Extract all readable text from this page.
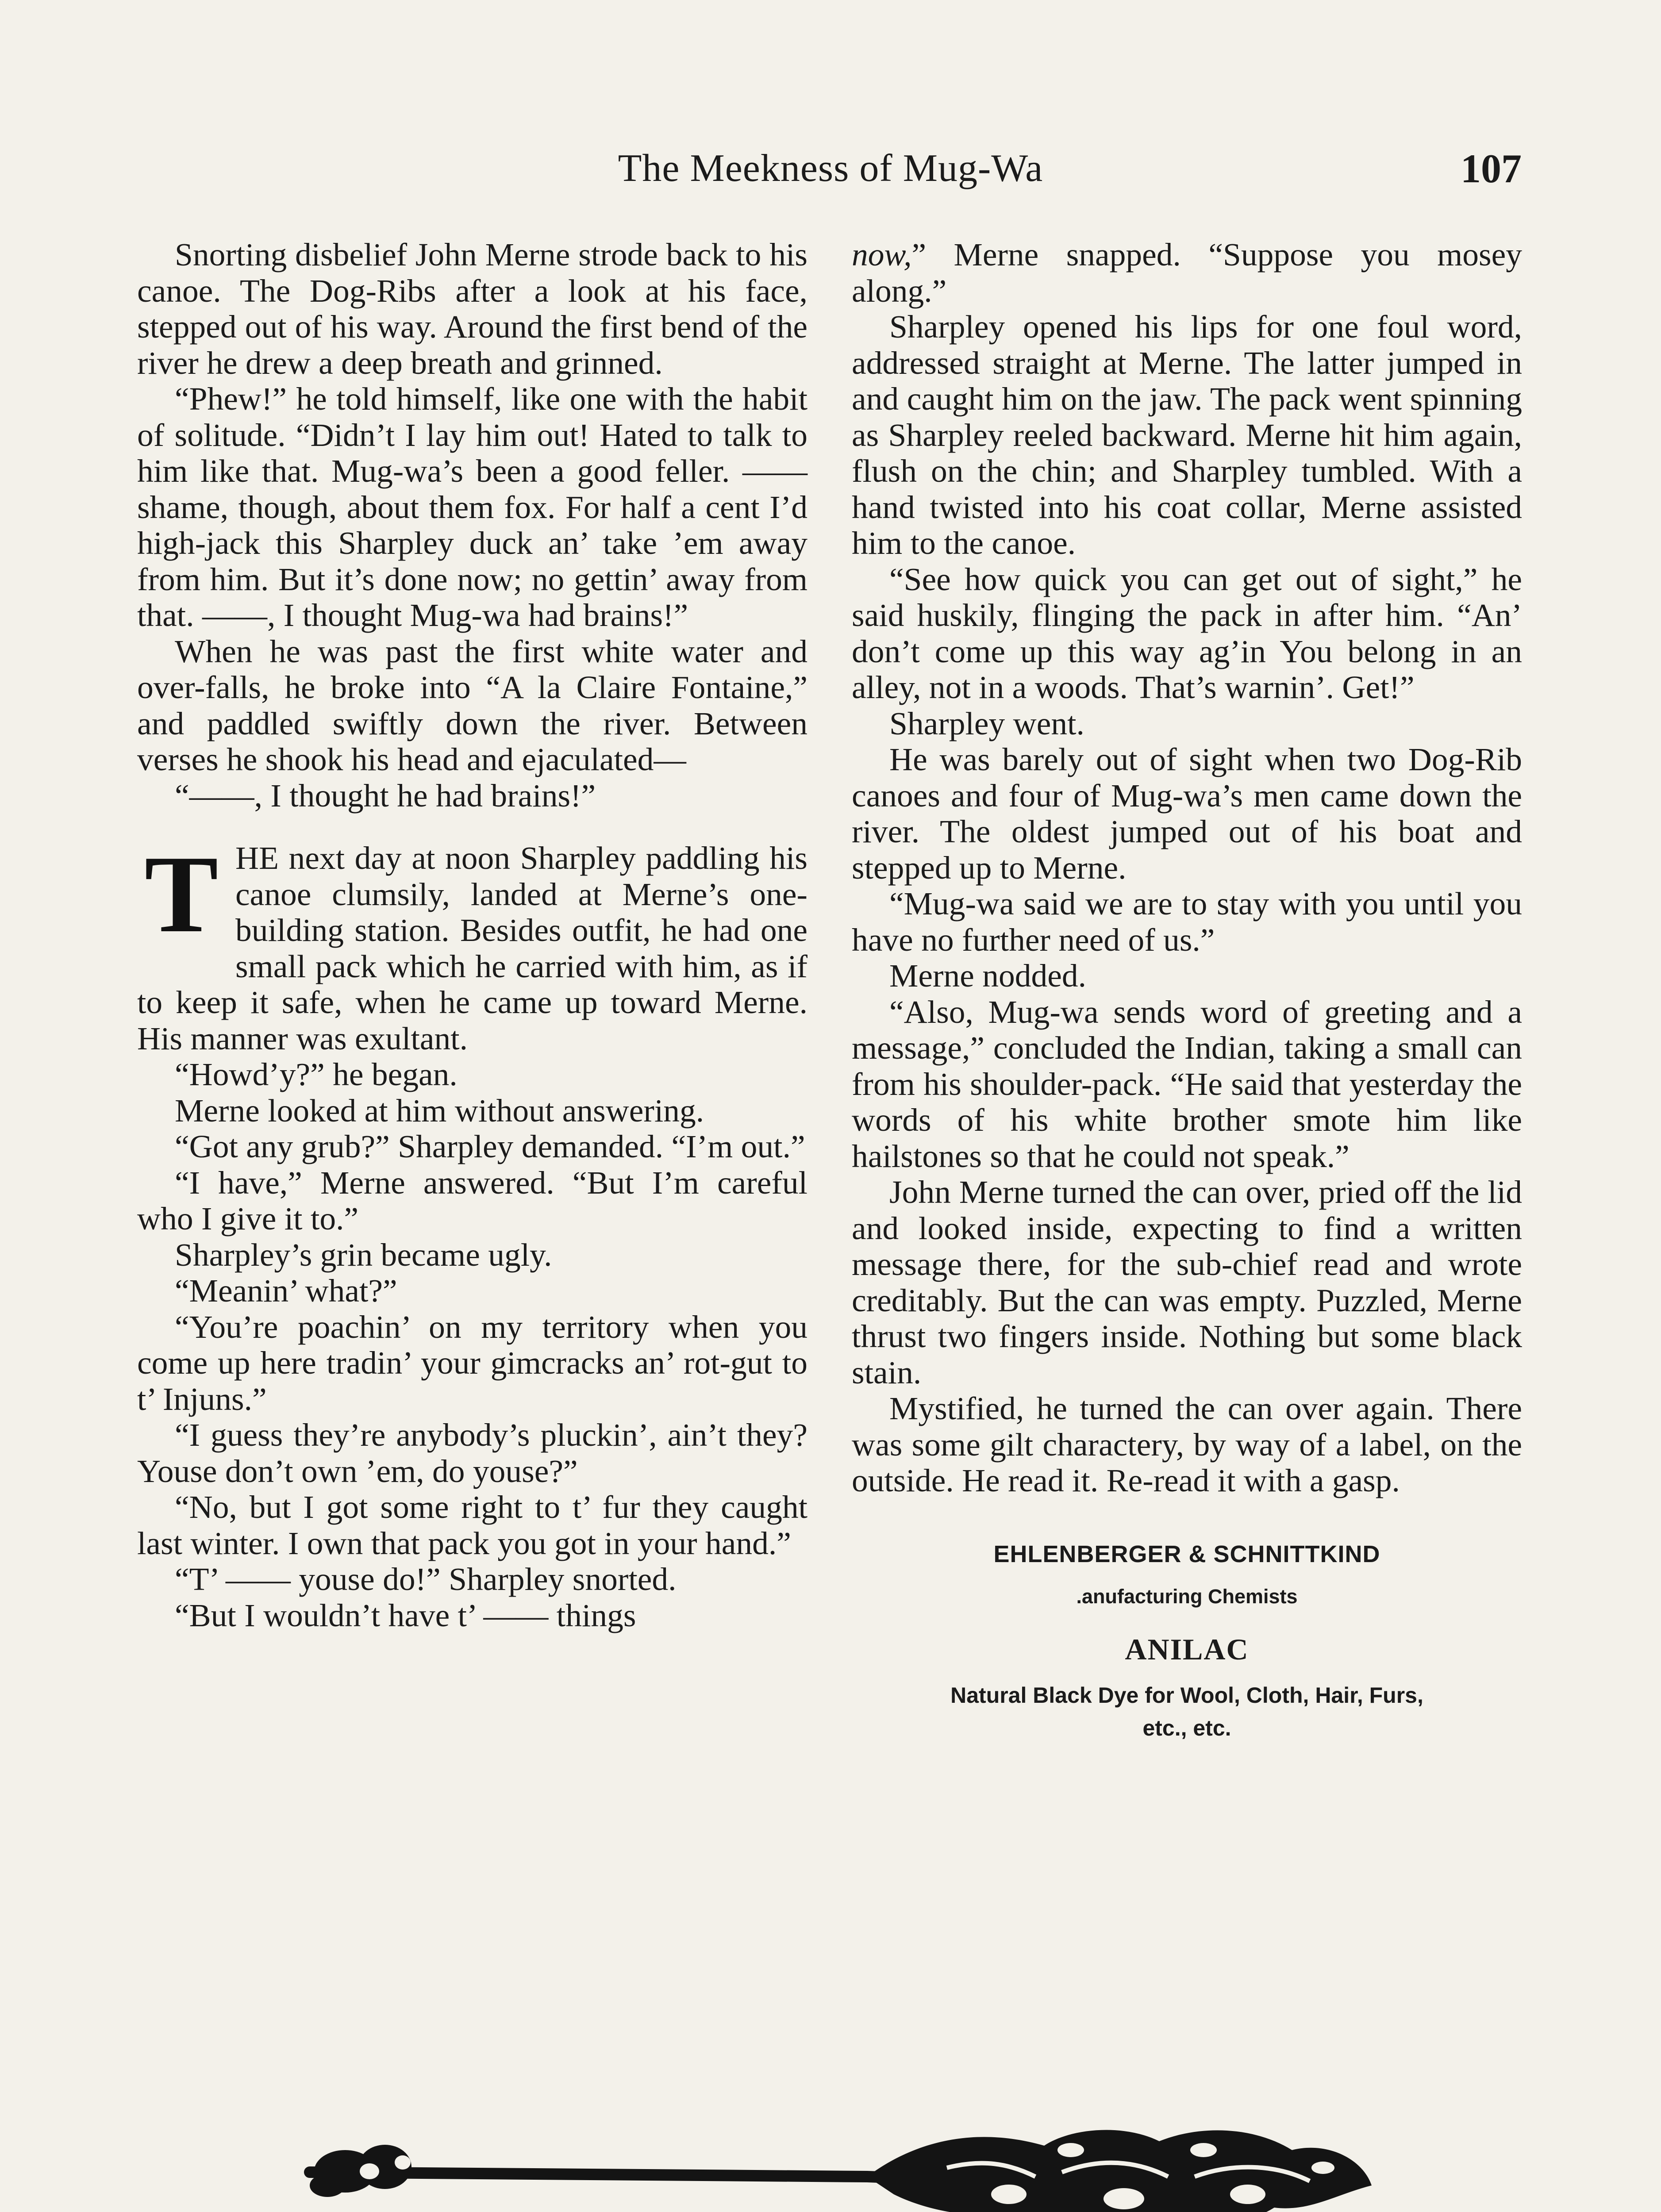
The Meekness of Mug-Wa	107

Snorting disbelief John Merne strode back to his canoe. The Dog-Ribs after a look at his face, stepped out of his way. Around the first bend of the river he drew a deep breath and grinned.

“Phew!” he told himself, like one with the habit of solitude. “Didn’t I lay him out! Hated to talk to him like that. Mug-wa’s been a good feller. —— shame, though, about them fox. For half a cent I’d high-jack this Sharpley duck an’ take ’em away from him. But it’s done now; no gettin’ away from that. ——, I thought Mug-wa had brains!”

When he was past the first white water and over-falls, he broke into “A la Claire Fontaine,” and paddled swiftly down the river. Between verses he shook his head and ejaculated—

“——, I thought he had brains!”

THE next day at noon Sharpley paddling his canoe clumsily, landed at Merne’s one-building station. Besides outfit, he had one small pack which he carried with him, as if to keep it safe, when he came up toward Merne. His manner was exultant.

“Howd’y?” he began.

Merne looked at him without answering.

“Got any grub?” Sharpley demanded. “I’m out.”

“I have,” Merne answered. “But I’m careful who I give it to.”

Sharpley’s grin became ugly.

“Meanin’ what?”

“You’re poachin’ on my territory when you come up here tradin’ your gimcracks an’ rot-gut to t’ Injuns.”

“I guess they’re anybody’s pluckin’, ain’t they? Youse don’t own ’em, do youse?”

“No, but I got some right to t’ fur they caught last winter. I own that pack you got in your hand.”

“T’ —— youse do!” Sharpley snorted.

“But I wouldn’t have t’ —— things

now,” Merne snapped. “Suppose you mosey along.”

Sharpley opened his lips for one foul word, addressed straight at Merne. The latter jumped in and caught him on the jaw. The pack went spinning as Sharpley reeled backward. Merne hit him again, flush on the chin; and Sharpley tumbled. With a hand twisted into his coat collar, Merne assisted him to the canoe.

“See how quick you can get out of sight,” he said huskily, flinging the pack in after him. “An’ don’t come up this way ag’in You belong in an alley, not in a woods. That’s warnin’. Get!”

Sharpley went.

He was barely out of sight when two Dog-Rib canoes and four of Mug-wa’s men came down the river. The oldest jumped out of his boat and stepped up to Merne.

“Mug-wa said we are to stay with you until you have no further need of us.”

Merne nodded.

“Also, Mug-wa sends word of greeting and a message,” concluded the Indian, taking a small can from his shoulder-pack. “He said that yesterday the words of his white brother smote him like hailstones so that he could not speak.”

John Merne turned the can over, pried off the lid and looked inside, expecting to find a written message there, for the sub-chief read and wrote creditably. But the can was empty. Puzzled, Merne thrust two fingers inside. Nothing but some black stain.

Mystified, he turned the can over again. There was some gilt charactery, by way of a label, on the outside. He read it. Re-read it with a gasp.

EHLENBERGER & SCHNITTKIND
.anufacturing Chemists
ANILAC
Natural Black Dye for Wool, Cloth, Hair, Furs,
etc., etc.
